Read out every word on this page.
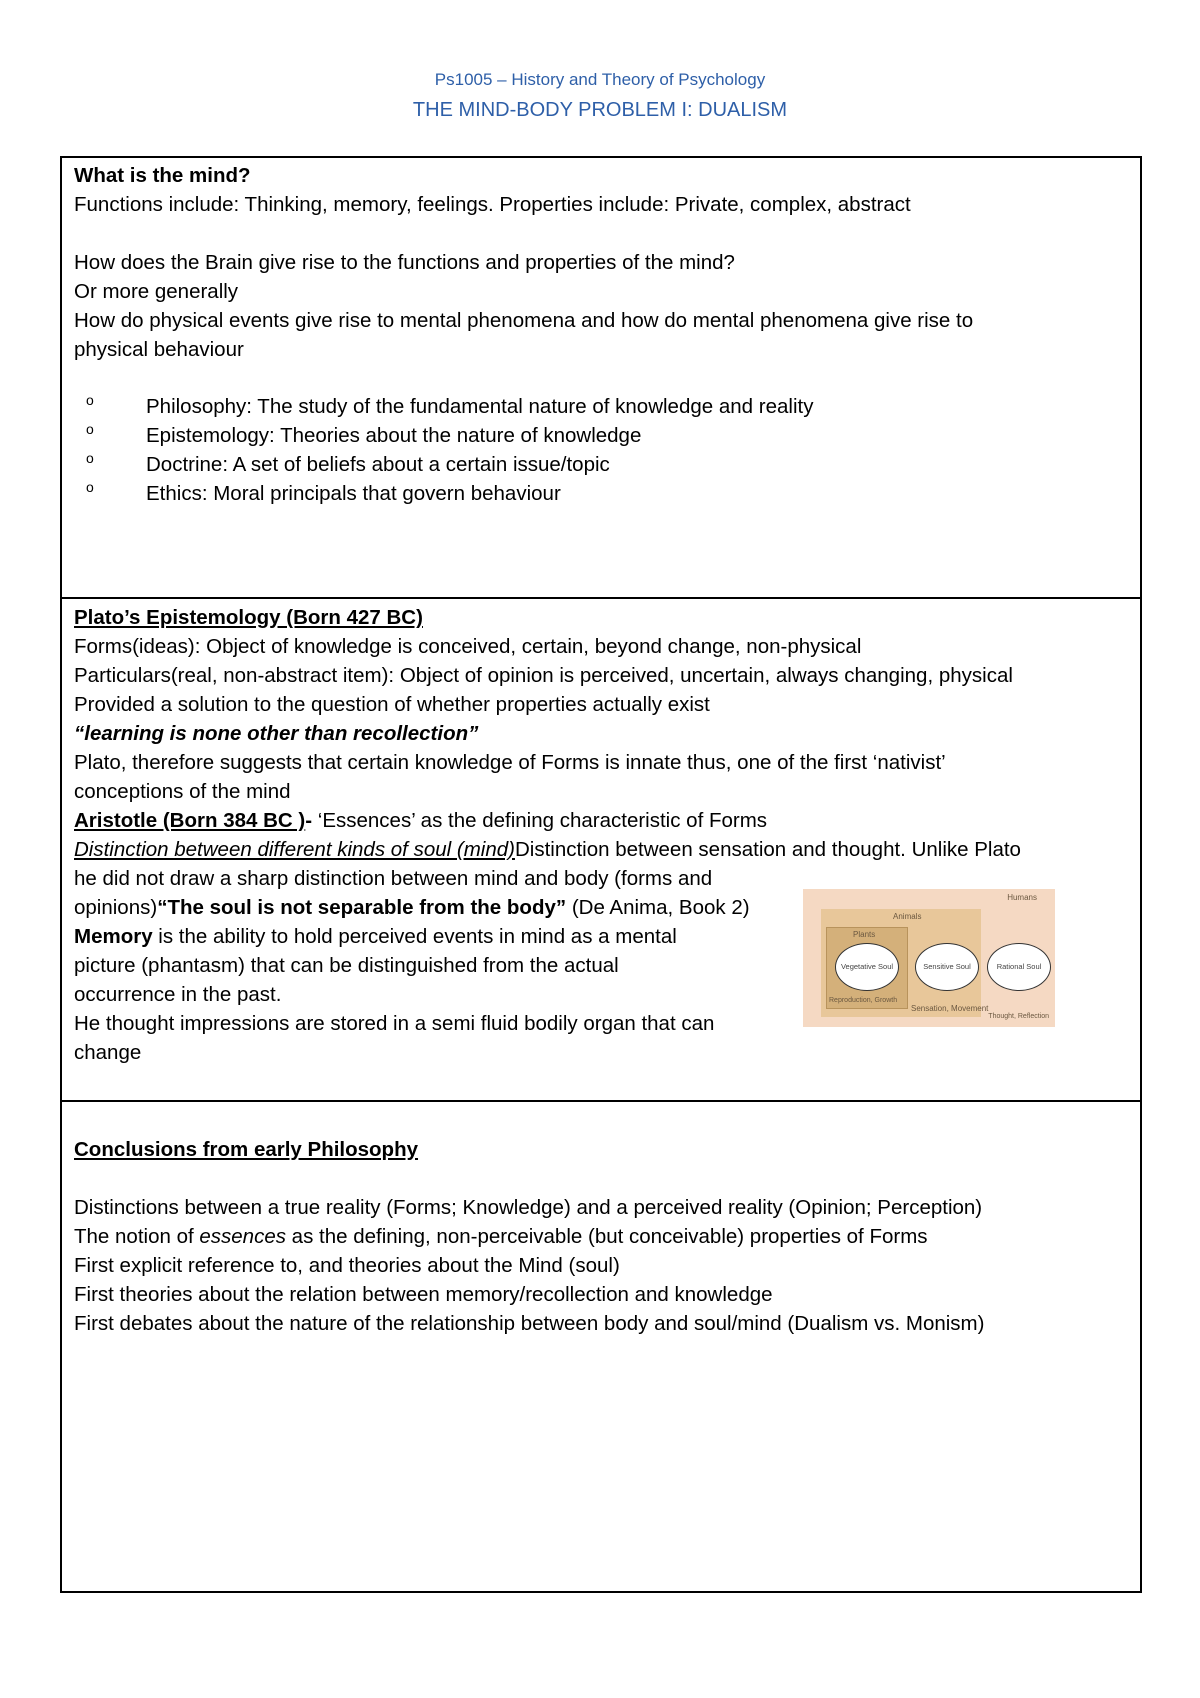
Ps1005 – History and Theory of Psychology
THE MIND-BODY PROBLEM I: DUALISM
What is the mind?
Functions include: Thinking, memory, feelings. Properties include: Private, complex, abstract
How does the Brain give rise to the functions and properties of the mind?
Or more generally
How do physical events give rise to mental phenomena and how do mental phenomena give rise to
physical behaviour
o	Philosophy: The study of the fundamental nature of knowledge and reality
o	Epistemology: Theories about the nature of knowledge
o	Doctrine: A set of beliefs about a certain issue/topic
o	Ethics: Moral principals that govern behaviour
Plato’s Epistemology (Born 427 BC)
Forms(ideas): Object of knowledge is conceived, certain, beyond change, non-physical
Particulars(real, non-abstract item): Object of opinion is perceived, uncertain, always changing, physical
Provided a solution to the question of whether properties actually exist
“learning is none other than recollection”
Plato, therefore suggests that certain knowledge of Forms is innate thus, one of the first ‘nativist’
conceptions of the mind
Aristotle (Born 384 BC )- ‘Essences’ as the defining characteristic of Forms
Distinction between different kinds of soul (mind)Distinction between sensation and thought. Unlike Plato
he did not draw a sharp distinction between mind and body (forms and
opinions)“The soul is not separable from the body” (De Anima, Book 2)
Memory is the ability to hold perceived events in mind as a mental
picture (phantasm) that can be distinguished from the actual
occurrence in the past.
He thought impressions are stored in a semi fluid bodily organ that can
change
Conclusions from early Philosophy
Distinctions between a true reality (Forms; Knowledge) and a perceived reality (Opinion; Perception)
The notion of essences as the defining, non-perceivable (but conceivable) properties of Forms
First explicit reference to, and theories about the Mind (soul)
First theories about the relation between memory/recollection and knowledge
First debates about the nature of the relationship between body and soul/mind (Dualism vs. Monism)
Humans
Animals
Sensation, Movement
Plants
Reproduction, Growth
Vegetative Soul	Sensitive Soul	Rational Soul
Thought, Reflection
